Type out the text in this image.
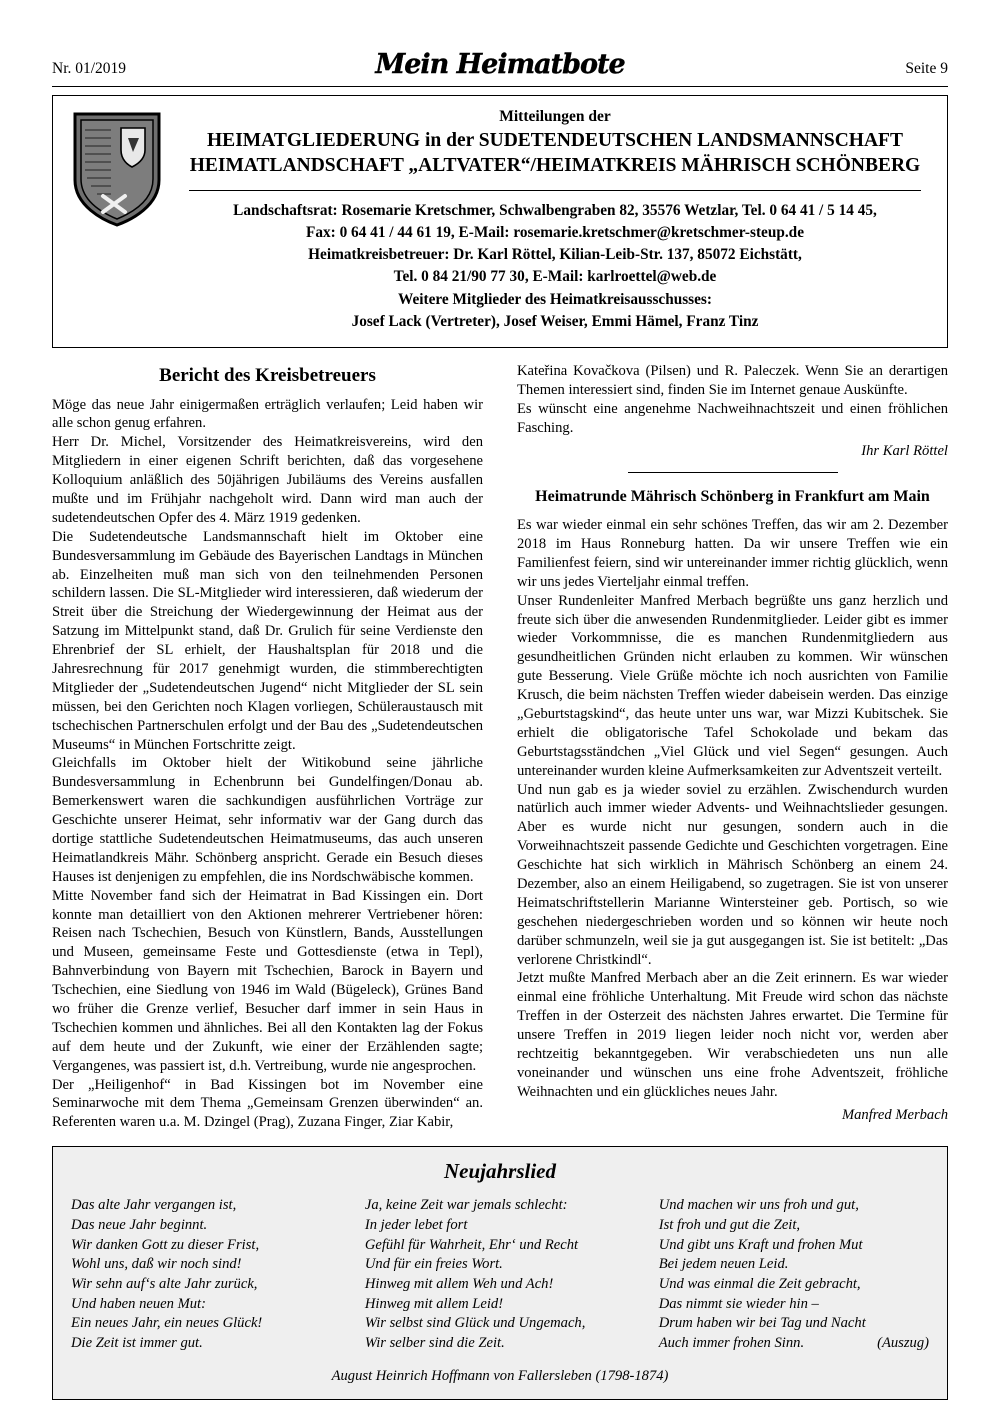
Nr. 01/2019	Mein Heimatbote	Seite 9
Mitteilungen der
HEIMATGLIEDERUNG in der SUDETENDEUTSCHEN LANDSMANNSCHAFT
HEIMATLANDSCHAFT „ALTVATER“/HEIMATKREIS MÄHRISCH SCHÖNBERG
Landschaftsrat: Rosemarie Kretschmer, Schwalbengraben 82, 35576 Wetzlar, Tel. 0 64 41 / 5 14 45,
Fax: 0 64 41 / 44 61 19, E-Mail: rosemarie.kretschmer@kretschmer-steup.de
Heimatkreisbetreuer: Dr. Karl Röttel, Kilian-Leib-Str. 137, 85072 Eichstätt,
Tel. 0 84 21/90 77 30, E-Mail: karlroettel@web.de
Weitere Mitglieder des Heimatkreisausschusses:
Josef Lack (Vertreter), Josef Weiser, Emmi Hämel, Franz Tinz
Bericht des Kreisbetreuers

Möge das neue Jahr einigermaßen erträglich verlaufen; Leid haben wir alle schon genug erfahren.

Herr Dr. Michel, Vorsitzender des Heimatkreisvereins, wird den Mitgliedern in einer eigenen Schrift berichten, daß das vorgesehene Kolloquium anläßlich des 50jährigen Jubiläums des Vereins ausfallen mußte und im Frühjahr nachgeholt wird. Dann wird man auch der sudetendeutschen Opfer des 4. März 1919 gedenken.

Die Sudetendeutsche Landsmannschaft hielt im Oktober eine Bundesversammlung im Gebäude des Bayerischen Landtags in München ab. Einzelheiten muß man sich von den teilnehmenden Personen schildern lassen. Die SL-Mitglieder wird interessieren, daß wiederum der Streit über die Streichung der Wiedergewinnung der Heimat aus der Satzung im Mittelpunkt stand, daß Dr. Grulich für seine Verdienste den Ehrenbrief der SL erhielt, der Haushaltsplan für 2018 und die Jahresrechnung für 2017 genehmigt wurden, die stimmberechtigten Mitglieder der „Sudetendeutschen Jugend“ nicht Mitglieder der SL sein müssen, bei den Gerichten noch Klagen vorliegen, Schüleraustausch mit tschechischen Partnerschulen erfolgt und der Bau des „Sudetendeutschen Museums“ in München Fortschritte zeigt.

Gleichfalls im Oktober hielt der Witikobund seine jährliche Bundesversammlung in Echenbrunn bei Gundelfingen/Donau ab. Bemerkenswert waren die sachkundigen ausführlichen Vorträge zur Geschichte unserer Heimat, sehr informativ war der Gang durch das dortige stattliche Sudetendeutschen Heimatmuseums, das auch unseren Heimatlandkreis Mähr. Schönberg anspricht. Gerade ein Besuch dieses Hauses ist denjenigen zu empfehlen, die ins Nordschwäbische kommen.

Mitte November fand sich der Heimatrat in Bad Kissingen ein. Dort konnte man detailliert von den Aktionen mehrerer Vertriebener hören: Reisen nach Tschechien, Besuch von Künstlern, Bands, Ausstellungen und Museen, gemeinsame Feste und Gottesdienste (etwa in Tepl), Bahnverbindung von Bayern mit Tschechien, Barock in Bayern und Tschechien, eine Siedlung von 1946 im Wald (Bügeleck), Grünes Band wo früher die Grenze verlief, Besucher darf immer in sein Haus in Tschechien kommen und ähnliches. Bei all den Kontakten lag der Fokus auf dem heute und der Zukunft, wie einer der Erzählenden sagte; Vergangenes, was passiert ist, d.h. Vertreibung, wurde nie angesprochen.

Der „Heiligenhof“ in Bad Kissingen bot im November eine Seminarwoche mit dem Thema „Gemeinsam Grenzen überwinden“ an. Referenten waren u.a. M. Dzingel (Prag), Zuzana Finger, Ziar Kabir,

Kateřina Kovačkova (Pilsen) und R. Paleczek. Wenn Sie an derartigen Themen interessiert sind, finden Sie im Internet genaue Auskünfte.

Es wünscht eine angenehme Nachweihnachtszeit und einen fröhlichen Fasching.

Ihr Karl Röttel
Heimatrunde Mährisch Schönberg in Frankfurt am Main

Es war wieder einmal ein sehr schönes Treffen, das wir am 2. Dezember 2018 im Haus Ronneburg hatten. Da wir unsere Treffen wie ein Familienfest feiern, sind wir untereinander immer richtig glücklich, wenn wir uns jedes Vierteljahr einmal treffen.

Unser Rundenleiter Manfred Merbach begrüßte uns ganz herzlich und freute sich über die anwesenden Rundenmitglieder. Leider gibt es immer wieder Vorkommnisse, die es manchen Rundenmitgliedern aus gesundheitlichen Gründen nicht erlauben zu kommen. Wir wünschen gute Besserung. Viele Grüße möchte ich noch ausrichten von Familie Krusch, die beim nächsten Treffen wieder dabeisein werden. Das einzige „Geburtstagskind“, das heute unter uns war, war Mizzi Kubitschek. Sie erhielt die obligatorische Tafel Schokolade und bekam das Geburtstagsständchen „Viel Glück und viel Segen“ gesungen. Auch untereinander wurden kleine Aufmerksamkeiten zur Adventszeit verteilt.

Und nun gab es ja wieder soviel zu erzählen. Zwischendurch wurden natürlich auch immer wieder Advents- und Weihnachtslieder gesungen. Aber es wurde nicht nur gesungen, sondern auch in die Vorweihnachtszeit passende Gedichte und Geschichten vorgetragen. Eine Geschichte hat sich wirklich in Mährisch Schönberg an einem 24. Dezember, also an einem Heiligabend, so zugetragen. Sie ist von unserer Heimatschriftstellerin Marianne Wintersteiner geb. Portisch, so wie geschehen niedergeschrieben worden und so können wir heute noch darüber schmunzeln, weil sie ja gut ausgegangen ist. Sie ist betitelt: „Das verlorene Christkindl“.

Jetzt mußte Manfred Merbach aber an die Zeit erinnern. Es war wieder einmal eine fröhliche Unterhaltung. Mit Freude wird schon das nächste Treffen in der Osterzeit des nächsten Jahres erwartet. Die Termine für unsere Treffen in 2019 liegen leider noch nicht vor, werden aber rechtzeitig bekanntgegeben. Wir verabschiedeten uns nun alle voneinander und wünschen uns eine frohe Adventszeit, fröhliche Weihnachten und ein glückliches neues Jahr.

Manfred Merbach
Neujahrslied
Das alte Jahr vergangen ist,
Das neue Jahr beginnt.
Wir danken Gott zu dieser Frist,
Wohl uns, daß wir noch sind!
Wir sehn auf‘s alte Jahr zurück,
Und haben neuen Mut:
Ein neues Jahr, ein neues Glück!
Die Zeit ist immer gut.
Ja, keine Zeit war jemals schlecht:
In jeder lebet fort
Gefühl für Wahrheit, Ehr‘ und Recht
Und für ein freies Wort.
Hinweg mit allem Weh und Ach!
Hinweg mit allem Leid!
Wir selbst sind Glück und Ungemach,
Wir selber sind die Zeit.
Und machen wir uns froh und gut,
Ist froh und gut die Zeit,
Und gibt uns Kraft und frohen Mut
Bei jedem neuen Leid.
Und was einmal die Zeit gebracht,
Das nimmt sie wieder hin –
Drum haben wir bei Tag und Nacht
Auch immer frohen Sinn.	(Auszug)
August Heinrich Hoffmann von Fallersleben (1798-1874)
